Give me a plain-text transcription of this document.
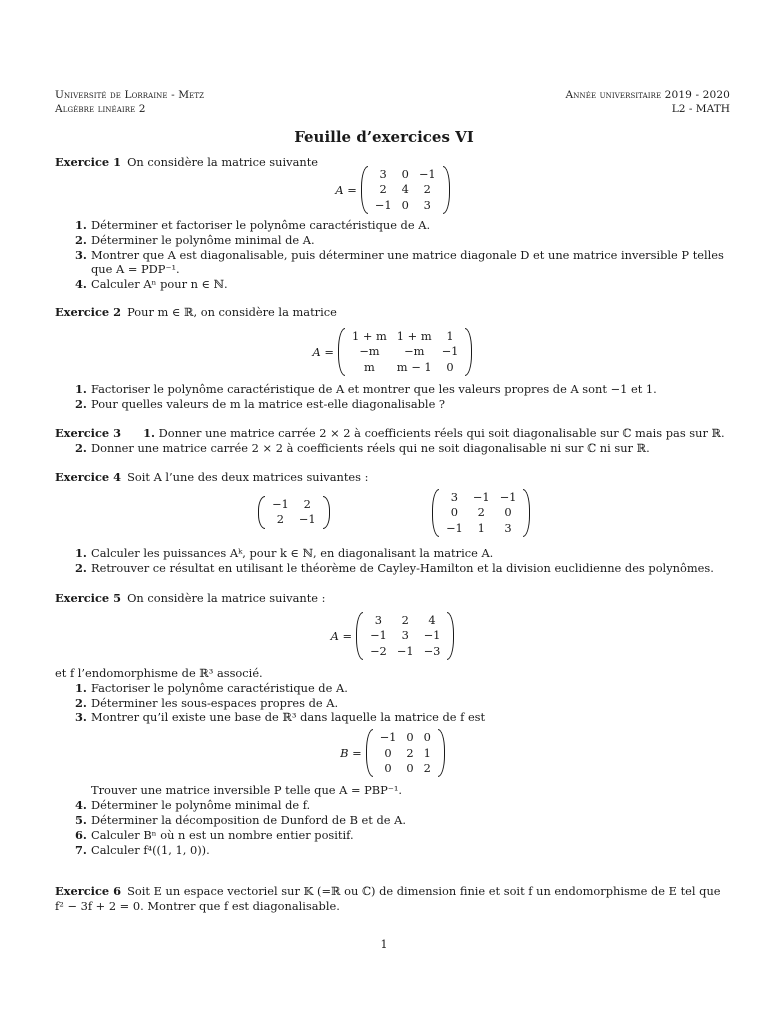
Université de Lorraine - Metz	Année universitaire 2019 - 2020
Algèbre linéaire 2	L2 - MATH
Feuille d’exercices VI
Exercice 1 On considère la matrice suivante
A =
3	0	−1
2	4	2
−1	0	3
1. Déterminer et factoriser le polynôme caractéristique de A.
2. Déterminer le polynôme minimal de A.
3. Montrer que A est diagonalisable, puis déterminer une matrice diagonale D et une matrice inversible P telles que A = PDP⁻¹.
4. Calculer Aⁿ pour n ∈ ℕ.
Exercice 2 Pour m ∈ ℝ, on considère la matrice
A =
1 + m	1 + m	1
−m	−m	−1
m	m − 1	0
1. Factoriser le polynôme caractéristique de A et montrer que les valeurs propres de A sont −1 et 1.
2. Pour quelles valeurs de m la matrice est-elle diagonalisable ?
Exercice 3 1. Donner une matrice carrée 2 × 2 à coefficients réels qui soit diagonalisable sur ℂ mais pas sur ℝ.
2. Donner une matrice carrée 2 × 2 à coefficients réels qui ne soit diagonalisable ni sur ℂ ni sur ℝ.
Exercice 4 Soit A l’une des deux matrices suivantes :
−1	2
2	−1
3	−1	−1
0	2	0
−1	1	3
1. Calculer les puissances Aᵏ, pour k ∈ ℕ, en diagonalisant la matrice A.
2. Retrouver ce résultat en utilisant le théorème de Cayley-Hamilton et la division euclidienne des polynômes.
Exercice 5 On considère la matrice suivante :
A =
3	2	4
−1	3	−1
−2	−1	−3
et f l’endomorphisme de ℝ³ associé.
1. Factoriser le polynôme caractéristique de A.
2. Déterminer les sous-espaces propres de A.
3. Montrer qu’il existe une base de ℝ³ dans laquelle la matrice de f est
B =
−1	0	0
0	2	1
0	0	2
Trouver une matrice inversible P telle que A = PBP⁻¹.
4. Déterminer le polynôme minimal de f.
5. Déterminer la décomposition de Dunford de B et de A.
6. Calculer Bⁿ où n est un nombre entier positif.
7. Calculer f⁴((1, 1, 0)).
Exercice 6 Soit E un espace vectoriel sur 𝕂 (=ℝ ou ℂ) de dimension finie et soit f un endomorphisme de E tel que f² − 3f + 2 = 0. Montrer que f est diagonalisable.
1
